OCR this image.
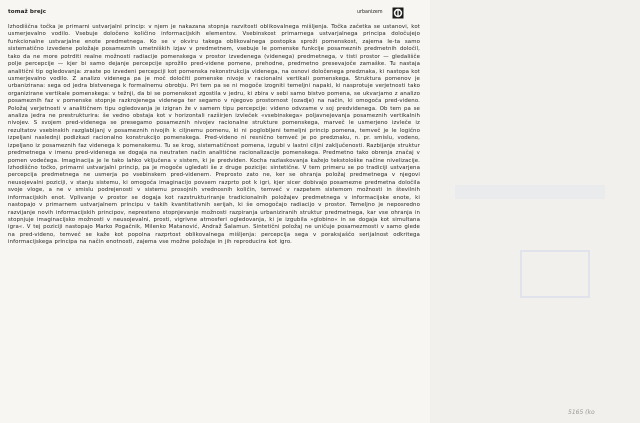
tomaž brejc	urbanizem

Izhodiščna točka je primarni ustvarjalni princip: v njem je nakazana stopnja razvitosti oblikovalnega mišljenja. Točka začetka se ustanovi, kot usmerjevalno vodilo. Vsebuje določeno količino informacijskih elementov. Vsebinskost primarnega ustvarjalnega principa določujejo funkcionalne ustvarjalne enote predmetnega. Ko se v okviru takega oblikovalnega postopka sproži pomenskost, zajema le-ta samo sistematično izvedene položaje posameznih umetniških izjav v predmetnem, vsebuje le pomenske funkcije posameznih predmetnih določil, tako da ne more potrditi realne možnosti radiacije pomenskega v prostor izvedenega (videnega) predmetnega, v tisti prostor — gledališče polje percepcije — kjer bi samo dejanje percepcije sprožilo pred-videne pomene, prehodne, predmetno presevajoče zamaške. Tu nastaja analitični tip ogledovanja: zraste po izvedeni percepciji kot pomenska rekonstrukcija videnega, na osnovi določenega predznaka, ki nastopa kot usmerjevalno vodilo. Z analizo videnega pa je moč določiti pomenske nivoje v racionalni vertikali pomenskega. Struktura pomenov je urbanizirana: sega od jedra bistvenega k formalnemu obrobju. Pri tem pa se ni mogoče izogniti temeljni napaki, ki nasprotuje verjetnosti tako organizirane vertikale pomenskega: v težnji, da bi se pomenskost zgostila v jedru, ki zbira v sebi samo bistvo pomena, se ukvarjamo z analizo posameznih faz v pomenske stopnje razkrojenega videnega ter segamo v njegovo prostornost (ozadje) na način, ki omogoča pred-videno. Položaj verjetnosti v analitičnem tipu ogledovanja je izigran že v samem tipu percepcije: videno odvzame v soj predvidenega. Ob tem pa se analiza jedra ne prestrukturira: še vedno obstaja kot v horizontali razširjen izvleček «vsebinskega» poljavnejevanja posameznih vertikalnih nivojev. S svojem pred-videnega se presegamo posameznih nivojev racionalne strukture pomenskega, marveč le usmerjeno izvleče iz rezultatov vsebinskih razglabljanj v posameznih nivojih k ciljnemu pomenu, ki ni poglobljeni temeljni princip pomena, temveč je le logično izpeljani naslednji podizkazi racionalno konstrukcijo pomenskega. Pred-videno ni resnično temveč je po predznaku, n. pr. smislu, vodeno, izpeljano iz posameznih faz videnega k pomenskemu. Tu se krog, sistematičnost pomena, izgubi v lastni ciljni zaključenosti. Razbijanje struktur predmetnega v imenu pred-videnega se dogaja na neutraten način analitične racionalizacije pomenskega. Predmetno tako obrenja značaj v pomen vodečega. Imaginacija je le tako lahko vključena v sistem, ki je predviden. Kocha razlaskovanja kažejo tekstološke načine nivelizacije. Izhodiščno točko, primarni ustvarjalni princip, pa je mogoče ugledati še z druge pozicije: sintetične. V tem primeru se po tradiciji ustvarjena percepcija predmetnega ne usmerja po vsebinskem pred-videnem. Preprosto zato ne, ker se ohranja položaj predmetnega v njegovi neusojevalni poziciji, v stanju sistemu, ki omogoča imaginacijo povsem razprto pot k igri, kjer sicer dobivajo posamezne predmetna določila svoje vloge, a ne v smislu podrejenosti v sistemu prosojnih vrednosnih količin, temveč v razpetem sistemom možnosti in številnih informacijskih enot. Vplivanje v prostor se dogaja kot razstrukturiranje tradicionalnih položajev predmetnega v informacijske enote, ki nastopajo v primarnem ustvarjalnem principu v takih kvantitativnih serijah, ki še omogočajo radiacijo v prostor. Temeljno je neposredno razvijanje novih informacijskih principov, nepresteno stopnjevanje možnosti razpiranja urbaniziranih struktur predmetnega, kar vse ohranja in stopnjuje imaginacijsko možnosti v neusojevalni, prosti, vigrivne atmosferi ogledovanja, ki je izgubila »globino« in se dogaja kot simultana igra«. V tej poziciji nastopajo Marko Pogačnik, Milenko Matanović, Andraž Šalamun. Sintetični položaj ne uničuje posamezmosti v samo glede na pred-videno, temveč se kaže kot popolna razprtost oblikovalnega mišljenja: percepcija sega v poraksjaščo serijalnost odkritega informacijskega principa na način enotnosti, zajema vse možne položaje in jih reproducira kot igro.

5165 (ko
